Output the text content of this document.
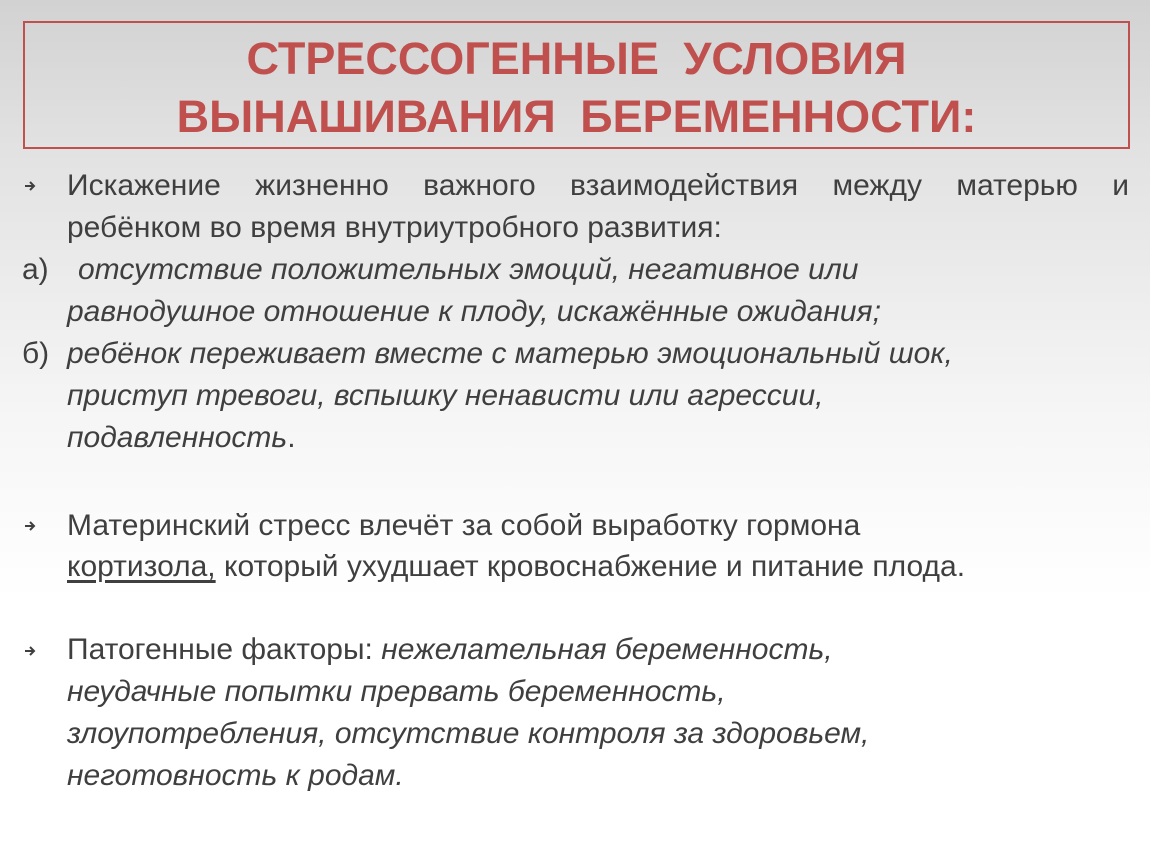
СТРЕССОГЕННЫЕ УСЛОВИЯ
ВЫНАШИВАНИЯ БЕРЕМЕННОСТИ:
Искажение жизненно важного взаимодействия между матерью и
ребёнком во время внутриутробного развития:
а) отсутствие положительных эмоций, негативное или
равнодушное отношение к плоду, искажённые ожидания;
б) ребёнок переживает вместе с матерью эмоциональный шок,
приступ тревоги, вспышку ненависти или агрессии,
подавленность.
Материнский стресс влечёт за собой выработку гормона
кортизола, который ухудшает кровоснабжение и питание плода.
Патогенные факторы: нежелательная беременность,
неудачные попытки прервать беременность,
злоупотребления, отсутствие контроля за здоровьем,
неготовность к родам.
